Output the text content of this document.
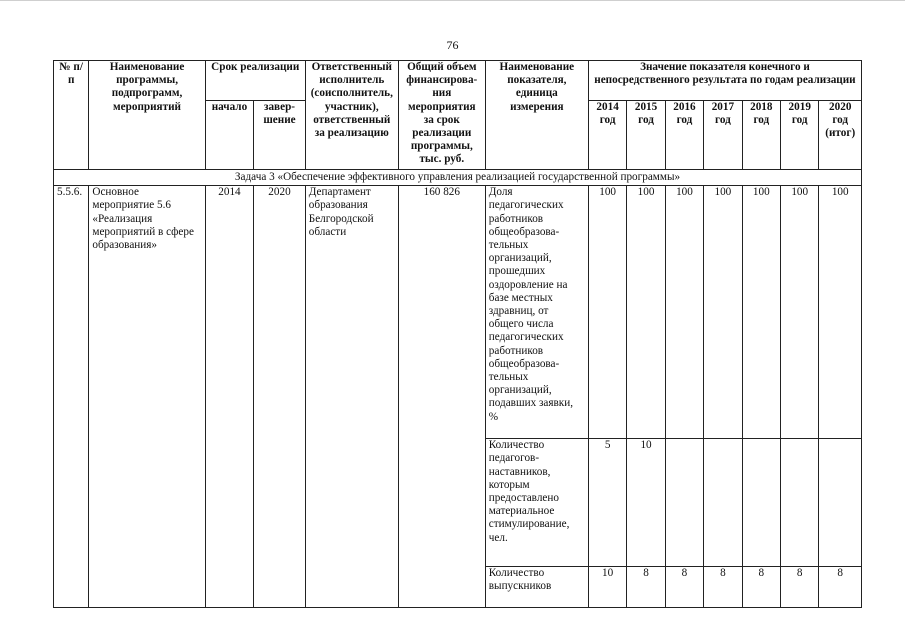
76
№ п/п	Наименование программы, подпрограмм, мероприятий	Срок реализации		Ответственный исполнитель (соисполнитель, участник), ответственный за реализацию	Общий объем финансирова-ния мероприятия за срок реализации программы, тыс. руб.	Наименование показателя, единица измерения	Значение показателя конечного и непосредственного результата по годам реализации						
		начало	завер-шение				2014 год	2015 год	2016 год	2017 год	2018 год	2019 год	2020 год (итог)
Задача 3 «Обеспечение эффективного управления реализацией государственной программы»													
5.5.6.	Основное мероприятие 5.6 «Реализация мероприятий в сфере образования»	2014	2020	Департамент образования Белгородской области	160 826	Доля педагогических работников общеобразова-тельных организаций, прошедших оздоровление на базе местных здравниц, от общего числа педагогических работников общеобразова-тельных организаций, подавших заявки, %	100	100	100	100	100	100	100
						Количество педагогов-наставников, которым предоставлено материальное стимулирование, чел.	5	10					
						Количество выпускников	10	8	8	8	8	8	8
